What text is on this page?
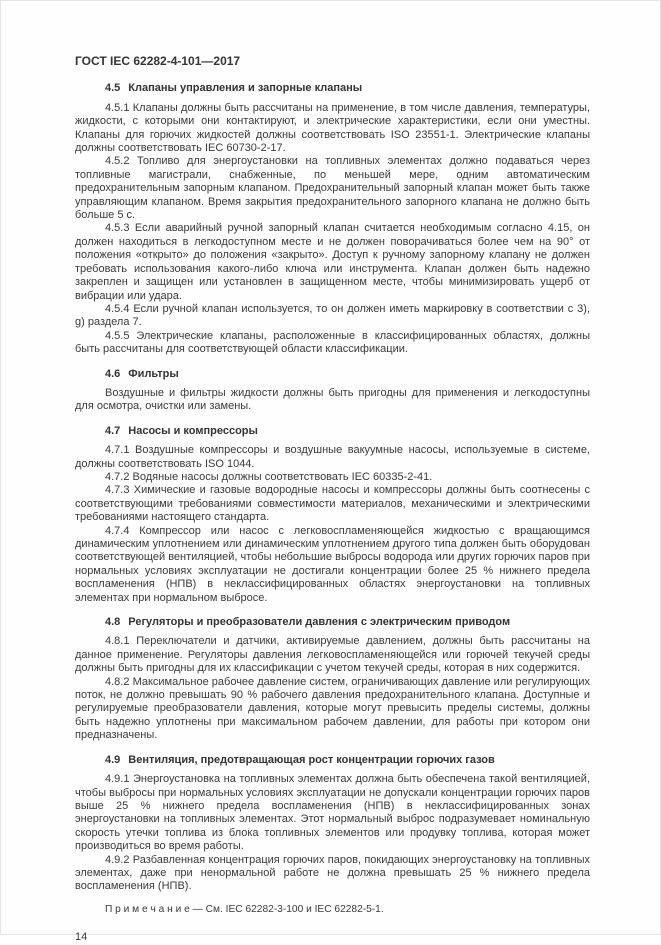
ГОСТ IEC 62282-4-101—2017

4.5 Клапаны управления и запорные клапаны

4.5.1 Клапаны должны быть рассчитаны на применение, в том числе давления, температуры, жидкости, с которыми они контактируют, и электрические характеристики, если они уместны. Клапаны для горючих жидкостей должны соответствовать ISO 23551-1. Электрические клапаны должны соответствовать IEC 60730-2-17.

4.5.2 Топливо для энергоустановки на топливных элементах должно подаваться через топливные магистрали, снабженные, по меньшей мере, одним автоматическим предохранительным запорным клапаном. Предохранительный запорный клапан может быть также управляющим клапаном. Время закрытия предохранительного запорного клапана не должно быть больше 5 с.

4.5.3 Если аварийный ручной запорный клапан считается необходимым согласно 4.15, он должен находиться в легкодоступном месте и не должен поворачиваться более чем на 90° от положения «открыто» до положения «закрыто». Доступ к ручному запорному клапану не должен требовать использования какого-либо ключа или инструмента. Клапан должен быть надежно закреплен и защищен или установлен в защищенном месте, чтобы минимизировать ущерб от вибрации или удара.

4.5.4 Если ручной клапан используется, то он должен иметь маркировку в соответствии с 3), g) раздела 7.

4.5.5 Электрические клапаны, расположенные в классифицированных областях, должны быть рассчитаны для соответствующей области классификации.

4.6 Фильтры

Воздушные и фильтры жидкости должны быть пригодны для применения и легкодоступны для осмотра, очистки или замены.

4.7 Насосы и компрессоры

4.7.1 Воздушные компрессоры и воздушные вакуумные насосы, используемые в системе, должны соответствовать ISO 1044.

4.7.2 Водяные насосы должны соответствовать IEC 60335-2-41.

4.7.3 Химические и газовые водородные насосы и компрессоры должны быть соотнесены с соответствующими требованиями совместимости материалов, механическими и электрическими требованиями настоящего стандарта.

4.7.4 Компрессор или насос с легковоспламеняющейся жидкостью с вращающимся динамическим уплотнением или динамическим уплотнением другого типа должен быть оборудован соответствующей вентиляцией, чтобы небольшие выбросы водорода или других горючих паров при нормальных условиях эксплуатации не достигали концентрации более 25 % нижнего предела воспламенения (НПВ) в неклассифицированных областях энергоустановки на топливных элементах при нормальном выбросе.

4.8 Регуляторы и преобразователи давления с электрическим приводом

4.8.1 Переключатели и датчики, активируемые давлением, должны быть рассчитаны на данное применение. Регуляторы давления легковоспламеняющейся или горючей текучей среды должны быть пригодны для их классификации с учетом текучей среды, которая в них содержится.

4.8.2 Максимальное рабочее давление систем, ограничивающих давление или регулирующих поток, не должно превышать 90 % рабочего давления предохранительного клапана. Доступные и регулируемые преобразователи давления, которые могут превысить пределы системы, должны быть надежно уплотнены при максимальном рабочем давлении, для работы при котором они предназначены.

4.9 Вентиляция, предотвращающая рост концентрации горючих газов

4.9.1 Энергоустановка на топливных элементах должна быть обеспечена такой вентиляцией, чтобы выбросы при нормальных условиях эксплуатации не допускали концентрации горючих паров выше 25 % нижнего предела воспламенения (НПВ) в неклассифицированных зонах энергоустановки на топливных элементах. Этот нормальный выброс подразумевает номинальную скорость утечки топлива из блока топливных элементов или продувку топлива, которая может производиться во время работы.

4.9.2 Разбавленная концентрация горючих паров, покидающих энергоустановку на топливных элементах, даже при ненормальной работе не должна превышать 25 % нижнего предела воспламенения (НПВ).

П р и м е ч а н и е — См. IEC 62282-3-100 и IEC 62282-5-1.

14
